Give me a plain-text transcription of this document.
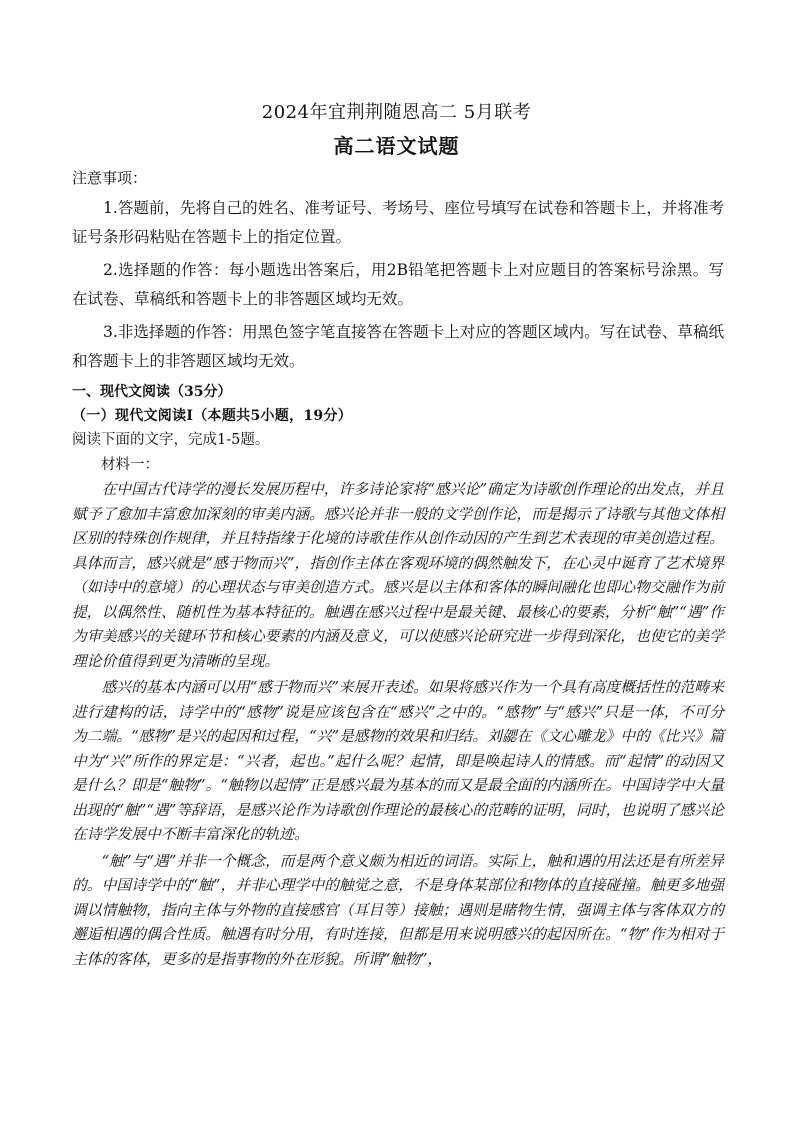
2024年宜荆荆随恩高二 5月联考
高二语文试题

注意事项：

1.答题前，先将自己的姓名、准考证号、考场号、座位号填写在试卷和答题卡上，并将准考证号条形码粘贴在答题卡上的指定位置。

2.选择题的作答：每小题选出答案后，用2B铅笔把答题卡上对应题目的答案标号涂黑。写在试卷、草稿纸和答题卡上的非答题区域均无效。

3.非选择题的作答：用黑色签字笔直接答在答题卡上对应的答题区域内。写在试卷、草稿纸和答题卡上的非答题区域均无效。

一、现代文阅读（35分）

（一）现代文阅读Ⅰ（本题共5小题，19分）

阅读下面的文字，完成1-5题。

材料一：

在中国古代诗学的漫长发展历程中，许多诗论家将“感兴论”确定为诗歌创作理论的出发点，并且赋予了愈加丰富愈加深刻的审美内涵。感兴论并非一般的文学创作论，而是揭示了诗歌与其他文体相区别的特殊创作规律，并且特指缘于化境的诗歌佳作从创作动因的产生到艺术表现的审美创造过程。具体而言，感兴就是“感于物而兴”，指创作主体在客观环境的偶然触发下，在心灵中诞育了艺术境界（如诗中的意境）的心理状态与审美创造方式。感兴是以主体和客体的瞬间融化也即心物交融作为前提，以偶然性、随机性为基本特征的。触遇在感兴过程中是最关键、最核心的要素，分析“触”“遇”作为审美感兴的关键环节和核心要素的内涵及意义，可以使感兴论研究进一步得到深化，也使它的美学理论价值得到更为清晰的呈现。

感兴的基本内涵可以用“感于物而兴”来展开表述。如果将感兴作为一个具有高度概括性的范畴来进行建构的话，诗学中的“感物”说是应该包含在“感兴”之中的。“感物”与“感兴”只是一体，不可分为二端。“感物”是兴的起因和过程，“兴”是感物的效果和归结。刘勰在《文心雕龙》中的《比兴》篇中为“兴”所作的界定是：“兴者，起也。”起什么呢？起情，即是唤起诗人的情感。而“起情”的动因又是什么？即是“触物”。“触物以起情”正是感兴最为基本的而又是最全面的内涵所在。中国诗学中大量出现的“触”“遇”等辞语，是感兴论作为诗歌创作理论的最核心的范畴的证明，同时，也说明了感兴论在诗学发展中不断丰富深化的轨迹。

“触”与“遇”并非一个概念，而是两个意义颇为相近的词语。实际上，触和遇的用法还是有所差异的。中国诗学中的“触”，并非心理学中的触觉之意，不是身体某部位和物体的直接碰撞。触更多地强调以情触物，指向主体与外物的直接感官（耳目等）接触；遇则是睹物生情，强调主体与客体双方的邂逅相遇的偶合性质。触遇有时分用，有时连接，但都是用来说明感兴的起因所在。“物”作为相对于主体的客体，更多的是指事物的外在形貌。所谓“触物”，
